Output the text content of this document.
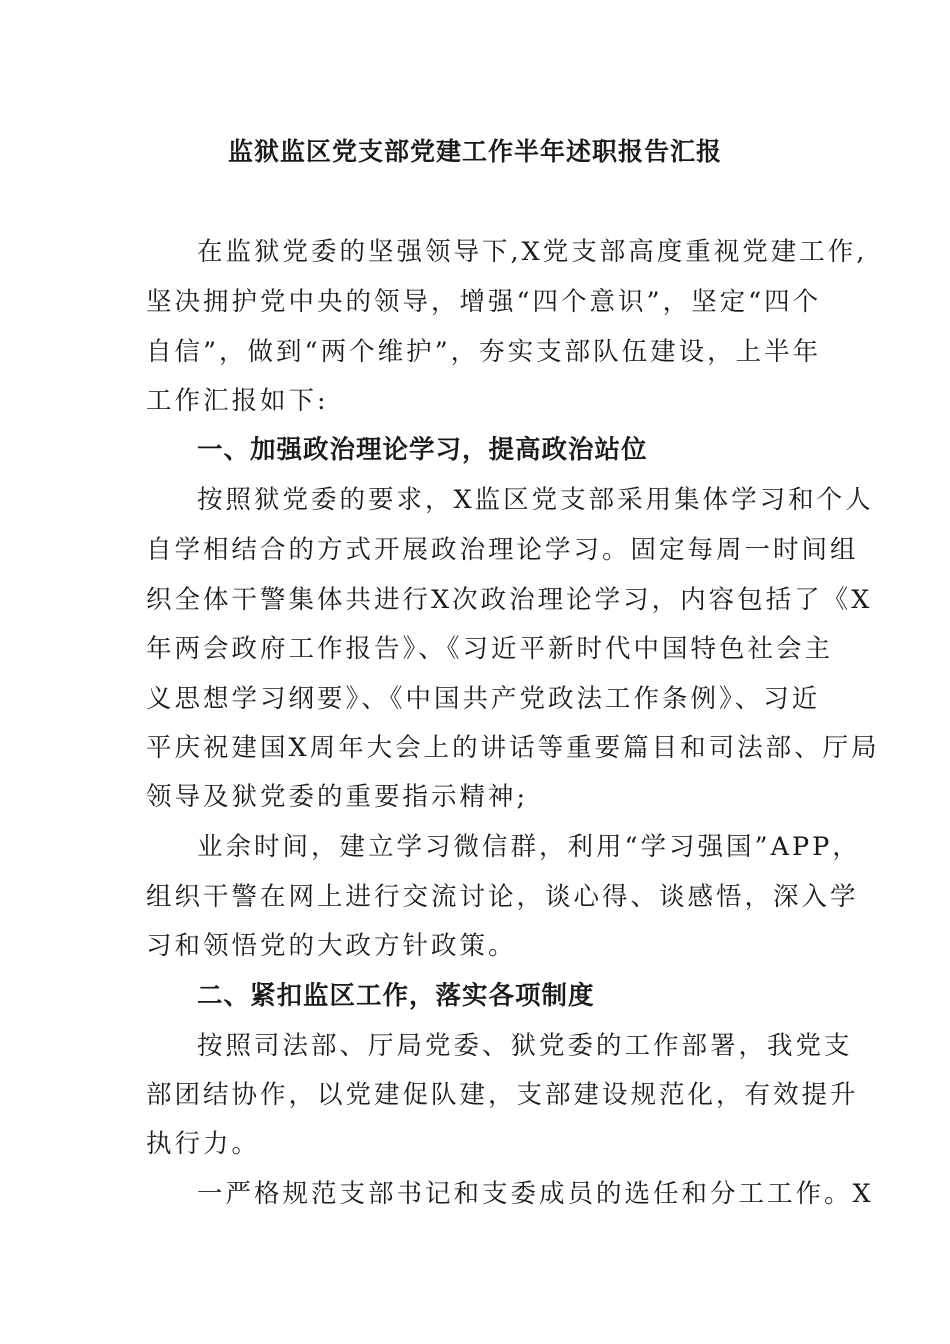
监狱监区党支部党建工作半年述职报告汇报
在监狱党委的坚强领导下,X党支部高度重视党建工作,
坚决拥护党中央的领导，增强“四个意识”，坚定“四个
自信”，做到“两个维护”，夯实支部队伍建设，上半年
工作汇报如下:
一、加强政治理论学习，提高政治站位
按照狱党委的要求，X监区党支部采用集体学习和个人
自学相结合的方式开展政治理论学习。固定每周一时间组
织全体干警集体共进行X次政治理论学习，内容包括了《X
年两会政府工作报告》、《习近平新时代中国特色社会主
义思想学习纲要》、《中国共产党政法工作条例》、习近
平庆祝建国X周年大会上的讲话等重要篇目和司法部、厅局
领导及狱党委的重要指示精神;
业余时间，建立学习微信群，利用“学习强国”APP，
组织干警在网上进行交流讨论，谈心得、谈感悟，深入学
习和领悟党的大政方针政策。
二、紧扣监区工作，落实各项制度
按照司法部、厅局党委、狱党委的工作部署，我党支
部团结协作，以党建促队建，支部建设规范化，有效提升
执行力。
一严格规范支部书记和支委成员的选任和分工工作。X
